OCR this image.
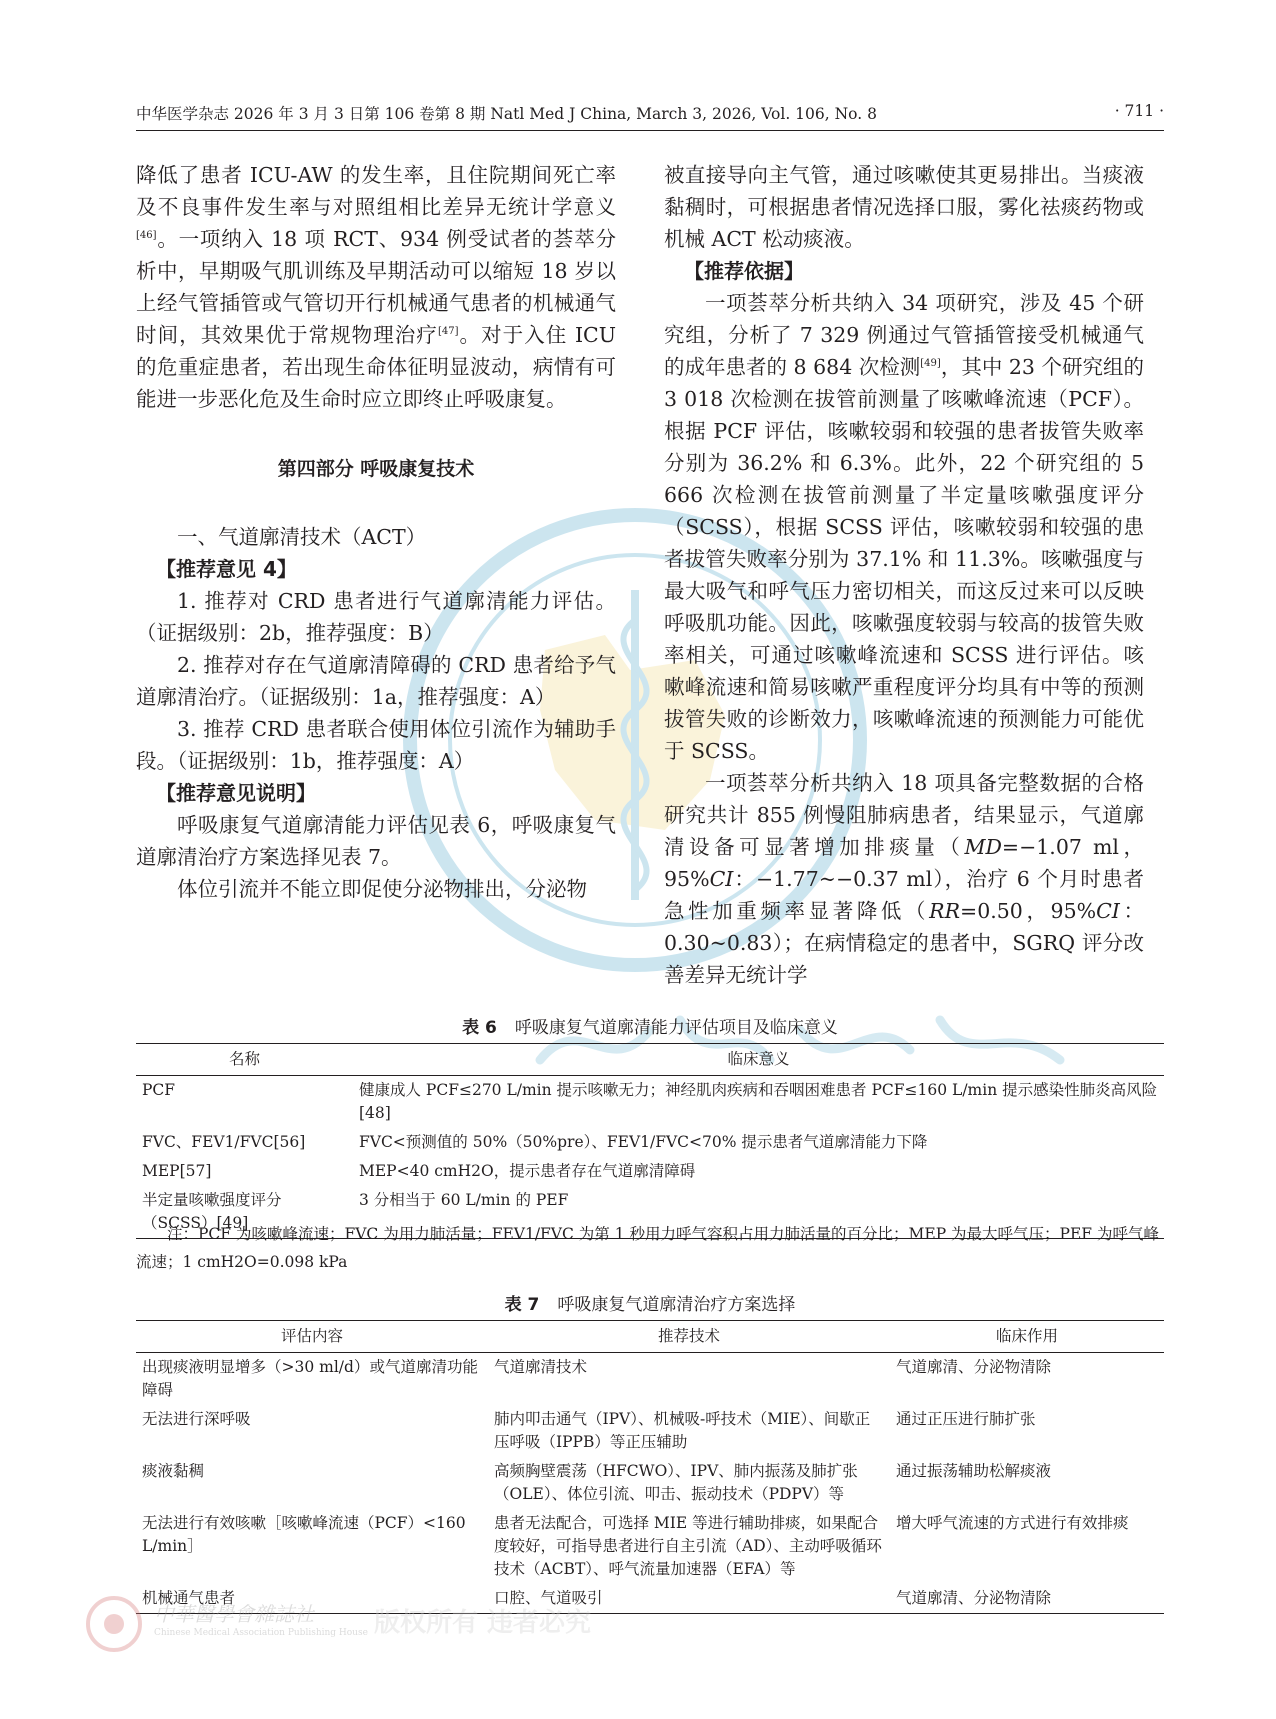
中华医学杂志 2026 年 3 月 3 日第 106 卷第 8 期 Natl Med J China, March 3, 2026, Vol. 106, No. 8	· 711 ·

降低了患者 ICU-AW 的发生率，且住院期间死亡率及不良事件发生率与对照组相比差异无统计学意义[46]。一项纳入 18 项 RCT、934 例受试者的荟萃分析中，早期吸气肌训练及早期活动可以缩短 18 岁以上经气管插管或气管切开行机械通气患者的机械通气时间，其效果优于常规物理治疗[47]。对于入住 ICU 的危重症患者，若出现生命体征明显波动，病情有可能进一步恶化危及生命时应立即终止呼吸康复。

第四部分 呼吸康复技术

一、气道廓清技术（ACT）

【推荐意见 4】

1. 推荐对 CRD 患者进行气道廓清能力评估。（证据级别：2b，推荐强度：B）

2. 推荐对存在气道廓清障碍的 CRD 患者给予气道廓清治疗。（证据级别：1a，推荐强度：A）

3. 推荐 CRD 患者联合使用体位引流作为辅助手段。（证据级别：1b，推荐强度：A）

【推荐意见说明】

呼吸康复气道廓清能力评估见表 6，呼吸康复气道廓清治疗方案选择见表 7。

体位引流并不能立即促使分泌物排出，分泌物

被直接导向主气管，通过咳嗽使其更易排出。当痰液黏稠时，可根据患者情况选择口服，雾化祛痰药物或机械 ACT 松动痰液。

【推荐依据】

一项荟萃分析共纳入 34 项研究，涉及 45 个研究组，分析了 7 329 例通过气管插管接受机械通气的成年患者的 8 684 次检测[49]，其中 23 个研究组的 3 018 次检测在拔管前测量了咳嗽峰流速（PCF）。根据 PCF 评估，咳嗽较弱和较强的患者拔管失败率分别为 36.2% 和 6.3%。此外，22 个研究组的 5 666 次检测在拔管前测量了半定量咳嗽强度评分（SCSS），根据 SCSS 评估，咳嗽较弱和较强的患者拔管失败率分别为 37.1% 和 11.3%。咳嗽强度与最大吸气和呼气压力密切相关，而这反过来可以反映呼吸肌功能。因此，咳嗽强度较弱与较高的拔管失败率相关，可通过咳嗽峰流速和 SCSS 进行评估。咳嗽峰流速和简易咳嗽严重程度评分均具有中等的预测拔管失败的诊断效力，咳嗽峰流速的预测能力可能优于 SCSS。

一项荟萃分析共纳入 18 项具备完整数据的合格研究共计 855 例慢阻肺病患者，结果显示，气道廓清设备可显著增加排痰量（MD=−1.07 ml，95%CI：−1.77~−0.37 ml），治疗 6 个月时患者急性加重频率显著降低（RR=0.50，95%CI：0.30~0.83）；在病情稳定的患者中，SGRQ 评分改善差异无统计学

表 6 呼吸康复气道廓清能力评估项目及临床意义
名称	临床意义
PCF	健康成人 PCF≤270 L/min 提示咳嗽无力；神经肌肉疾病和吞咽困难患者 PCF≤160 L/min 提示感染性肺炎高风险[48]
FVC、FEV1/FVC[56]	FVC<预测值的 50%（50%pre）、FEV1/FVC<70% 提示患者气道廓清能力下降
MEP[57]	MEP<40 cmH2O，提示患者存在气道廓清障碍
半定量咳嗽强度评分（SCSS）[49]	3 分相当于 60 L/min 的 PEF
注：PCF 为咳嗽峰流速；FVC 为用力肺活量；FEV1/FVC 为第 1 秒用力呼气容积占用力肺活量的百分比；MEP 为最大呼气压；PEF 为呼气峰流速；1 cmH2O=0.098 kPa
表 7 呼吸康复气道廓清治疗方案选择
评估内容	推荐技术	临床作用
出现痰液明显增多（>30 ml/d）或气道廓清功能障碍	气道廓清技术	气道廓清、分泌物清除
无法进行深呼吸	肺内叩击通气（IPV）、机械吸-呼技术（MIE）、间歇正压呼吸（IPPB）等正压辅助	通过正压进行肺扩张
痰液黏稠	高频胸壁震荡（HFCWO）、IPV、肺内振荡及肺扩张（OLE）、体位引流、叩击、振动技术（PDPV）等	通过振荡辅助松解痰液
无法进行有效咳嗽［咳嗽峰流速（PCF）<160 L/min］	患者无法配合，可选择 MIE 等进行辅助排痰，如果配合度较好，可指导患者进行自主引流（AD）、主动呼吸循环技术（ACBT）、呼气流量加速器（EFA）等	增大呼气流速的方式进行有效排痰
机械通气患者	口腔、气道吸引	气道廓清、分泌物清除
中華醫學會雜誌社
Chinese Medical Association Publishing House 版权所有 违者必究
